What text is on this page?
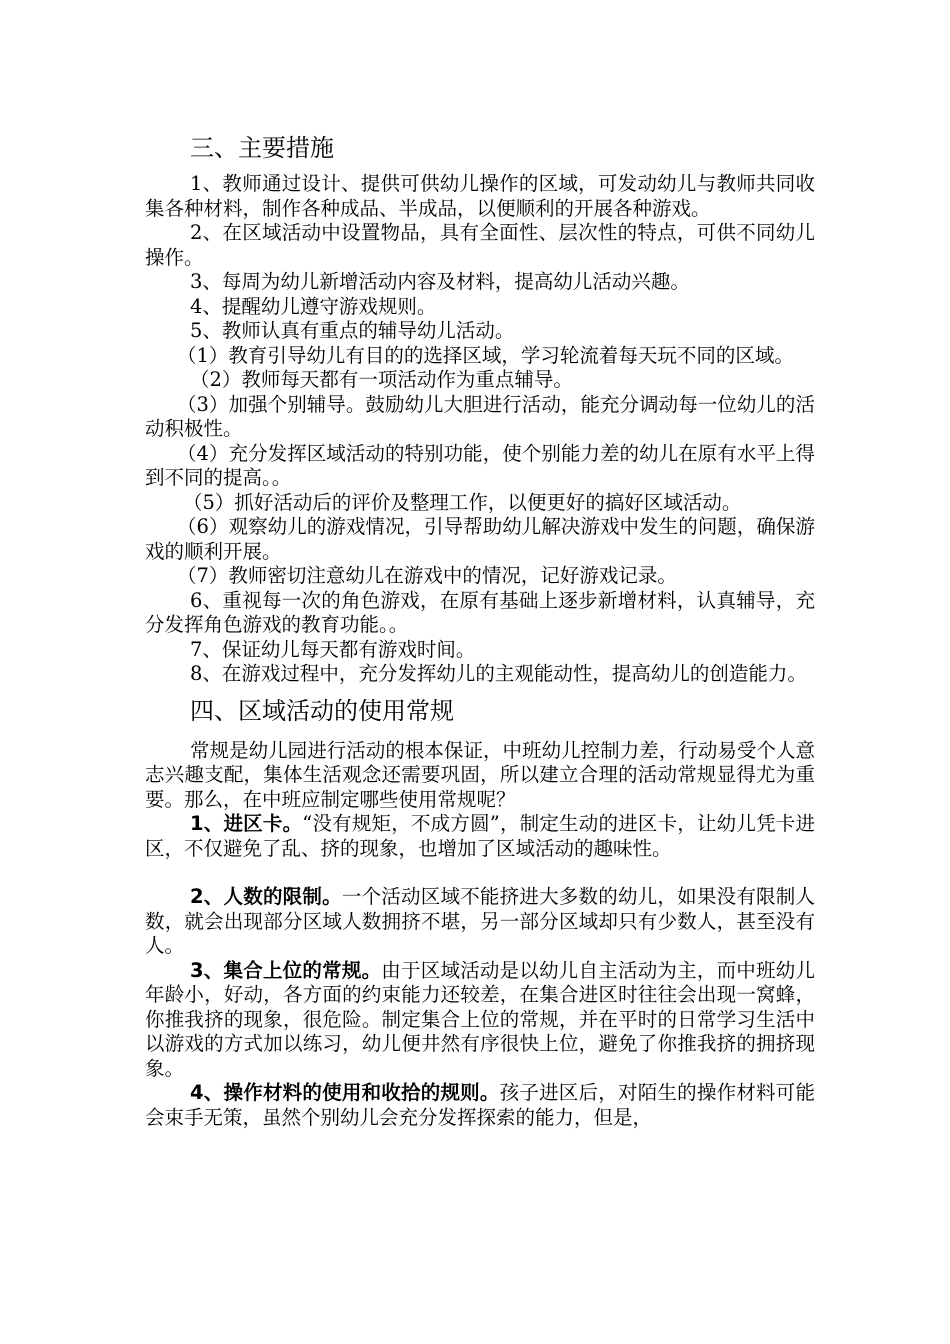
三、主要措施

1、教师通过设计、提供可供幼儿操作的区域，可发动幼儿与教师共同收集各种材料，制作各种成品、半成品，以便顺利的开展各种游戏。

2、在区域活动中设置物品，具有全面性、层次性的特点，可供不同幼儿操作。

3、每周为幼儿新增活动内容及材料，提高幼儿活动兴趣。

4、提醒幼儿遵守游戏规则。

5、教师认真有重点的辅导幼儿活动。

（1）教育引导幼儿有目的的选择区域，学习轮流着每天玩不同的区域。

（2）教师每天都有一项活动作为重点辅导。

（3）加强个别辅导。鼓励幼儿大胆进行活动，能充分调动每一位幼儿的活动积极性。

（4）充分发挥区域活动的特别功能，使个别能力差的幼儿在原有水平上得到不同的提高。。

（5）抓好活动后的评价及整理工作，以便更好的搞好区域活动。

（6）观察幼儿的游戏情况，引导帮助幼儿解决游戏中发生的问题，确保游戏的顺利开展。

（7）教师密切注意幼儿在游戏中的情况，记好游戏记录。

6、重视每一次的角色游戏，在原有基础上逐步新增材料，认真辅导，充分发挥角色游戏的教育功能。。

7、保证幼儿每天都有游戏时间。

8、在游戏过程中，充分发挥幼儿的主观能动性，提高幼儿的创造能力。

四、区域活动的使用常规

常规是幼儿园进行活动的根本保证，中班幼儿控制力差，行动易受个人意志兴趣支配，集体生活观念还需要巩固，所以建立合理的活动常规显得尤为重要。那么，在中班应制定哪些使用常规呢？

1、进区卡。“没有规矩，不成方圆”，制定生动的进区卡，让幼儿凭卡进区，不仅避免了乱、挤的现象，也增加了区域活动的趣味性。

2、人数的限制。一个活动区域不能挤进大多数的幼儿，如果没有限制人数，就会出现部分区域人数拥挤不堪，另一部分区域却只有少数人，甚至没有人。

3、集合上位的常规。由于区域活动是以幼儿自主活动为主，而中班幼儿年龄小，好动，各方面的约束能力还较差，在集合进区时往往会出现一窝蜂，你推我挤的现象，很危险。制定集合上位的常规，并在平时的日常学习生活中以游戏的方式加以练习，幼儿便井然有序很快上位，避免了你推我挤的拥挤现象。

4、操作材料的使用和收拾的规则。孩子进区后，对陌生的操作材料可能会束手无策，虽然个别幼儿会充分发挥探索的能力，但是，
